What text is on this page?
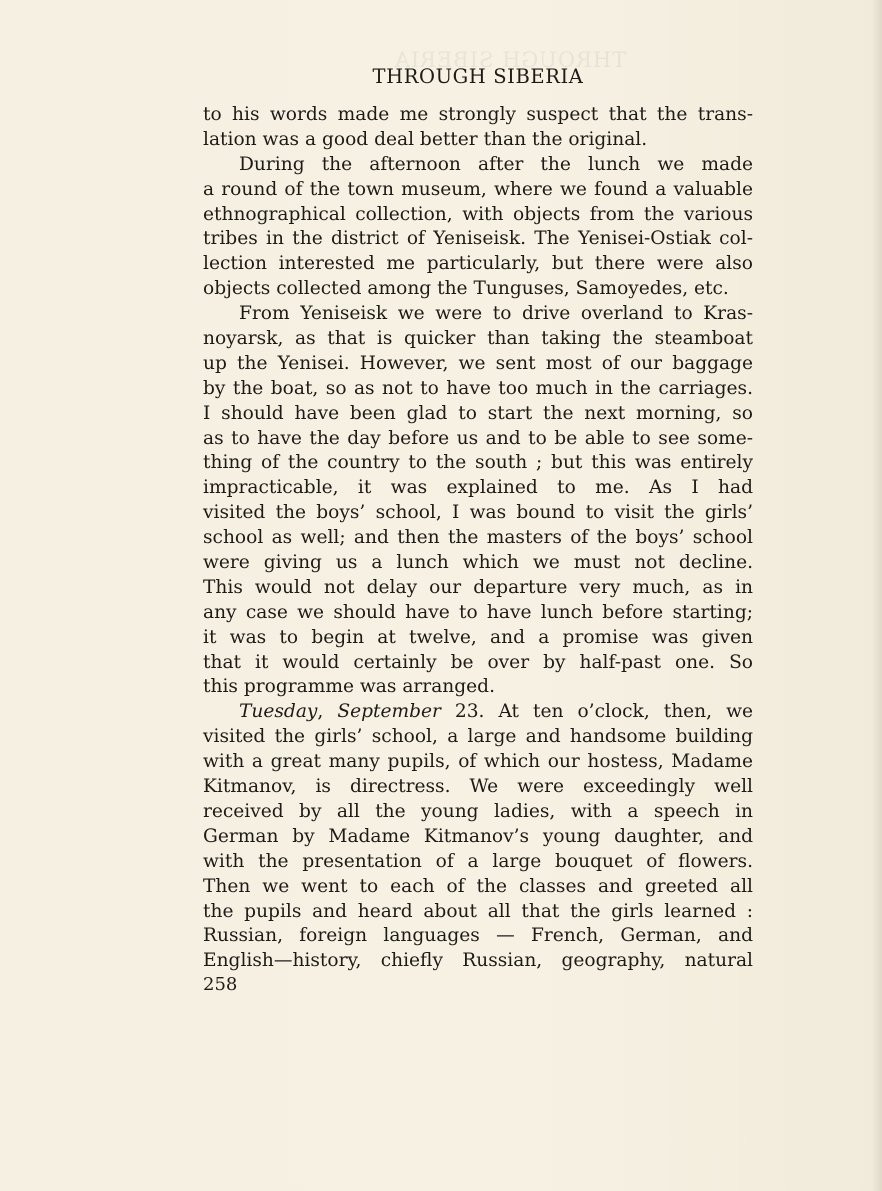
THROUGH SIBERIA
THROUGH SIBERIA
to his words made me strongly suspect that the trans-
lation was a good deal better than the original.
During the afternoon after the lunch we made
a round of the town museum, where we found a valuable
ethnographical collection, with objects from the various
tribes in the district of Yeniseisk. The Yenisei-Ostiak col-
lection interested me particularly, but there were also
objects collected among the Tunguses, Samoyedes, etc.
From Yeniseisk we were to drive overland to Kras-
noyarsk, as that is quicker than taking the steamboat
up the Yenisei. However, we sent most of our baggage
by the boat, so as not to have too much in the carriages.
I should have been glad to start the next morning, so
as to have the day before us and to be able to see some-
thing of the country to the south ; but this was entirely
impracticable, it was explained to me. As I had
visited the boys’ school, I was bound to visit the girls’
school as well; and then the masters of the boys’ school
were giving us a lunch which we must not decline.
This would not delay our departure very much, as in
any case we should have to have lunch before starting;
it was to begin at twelve, and a promise was given
that it would certainly be over by half-past one. So
this programme was arranged.
Tuesday, September 23. At ten o’clock, then, we
visited the girls’ school, a large and handsome building
with a great many pupils, of which our hostess, Madame
Kitmanov, is directress. We were exceedingly well
received by all the young ladies, with a speech in
German by Madame Kitmanov’s young daughter, and
with the presentation of a large bouquet of flowers.
Then we went to each of the classes and greeted all
the pupils and heard about all that the girls learned :
Russian, foreign languages — French, German, and
English—history, chiefly Russian, geography, natural
258
